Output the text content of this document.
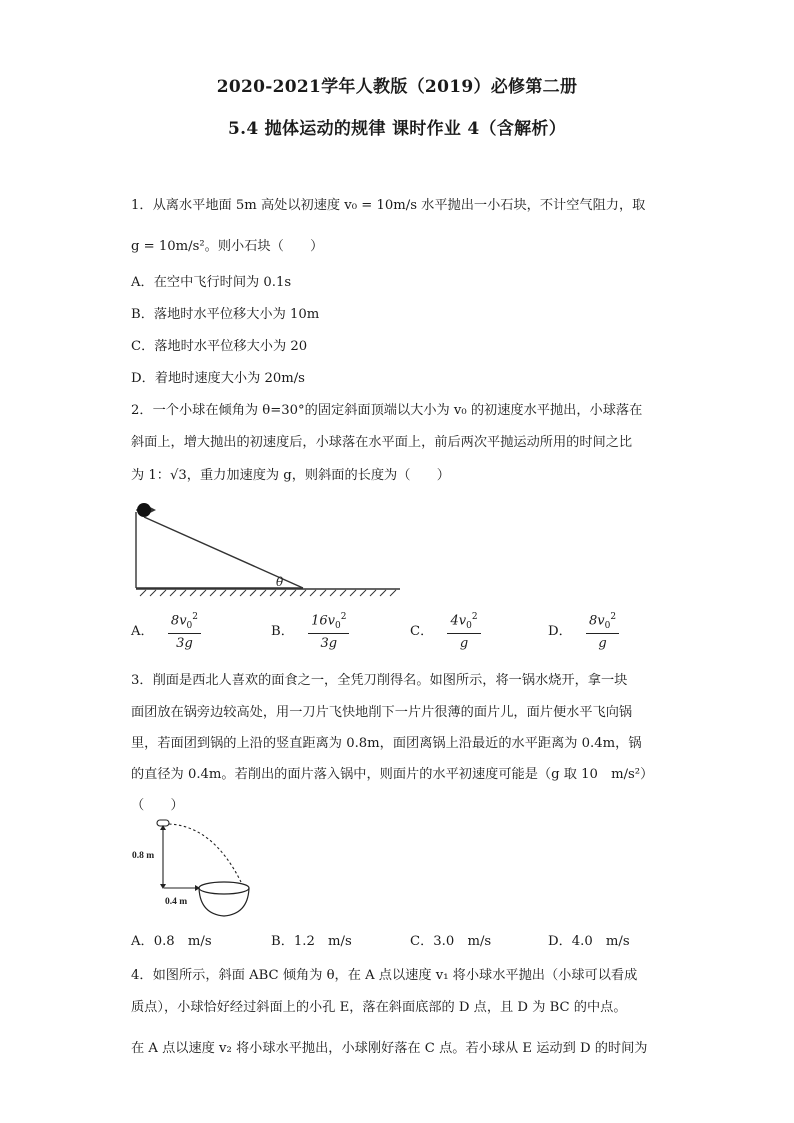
2020-2021学年人教版（2019）必修第二册
5.4 抛体运动的规律 课时作业 4（含解析）
1．从离水平地面 5m 高处以初速度 v₀ = 10m/s 水平抛出一小石块，不计空气阻力，取
g = 10m/s²。则小石块（　　）
A．在空中飞行时间为 0.1s
B．落地时水平位移大小为 10m
C．落地时水平位移大小为 20
D．着地时速度大小为 20m/s
2．一个小球在倾角为 θ=30°的固定斜面顶端以大小为 v₀ 的初速度水平抛出，小球落在
斜面上，增大抛出的初速度后，小球落在水平面上，前后两次平抛运动所用的时间之比
为 1：√3，重力加速度为 g，则斜面的长度为（　　）
θ
A． $\frac{8v_0^2}{3g}$	B． $\frac{16v_0^2}{3g}$	C． $\frac{4v_0^2}{g}$	D． $\frac{8v_0^2}{g}$
3．削面是西北人喜欢的面食之一，全凭刀削得名。如图所示，将一锅水烧开，拿一块
面团放在锅旁边较高处，用一刀片飞快地削下一片片很薄的面片儿，面片便水平飞向锅
里，若面团到锅的上沿的竖直距离为 0.8m，面团离锅上沿最近的水平距离为 0.4m，锅
的直径为 0.4m。若削出的面片落入锅中，则面片的水平初速度可能是（g 取 10　m/s²）
（　　）
0.8 m
0.4 m
A．0.8　m/s	B．1.2　m/s	C．3.0　m/s	D．4.0　m/s
4．如图所示，斜面 ABC 倾角为 θ，在 A 点以速度 v₁ 将小球水平抛出（小球可以看成
质点），小球恰好经过斜面上的小孔 E，落在斜面底部的 D 点，且 D 为 BC 的中点。
在 A 点以速度 v₂ 将小球水平抛出，小球刚好落在 C 点。若小球从 E 运动到 D 的时间为
